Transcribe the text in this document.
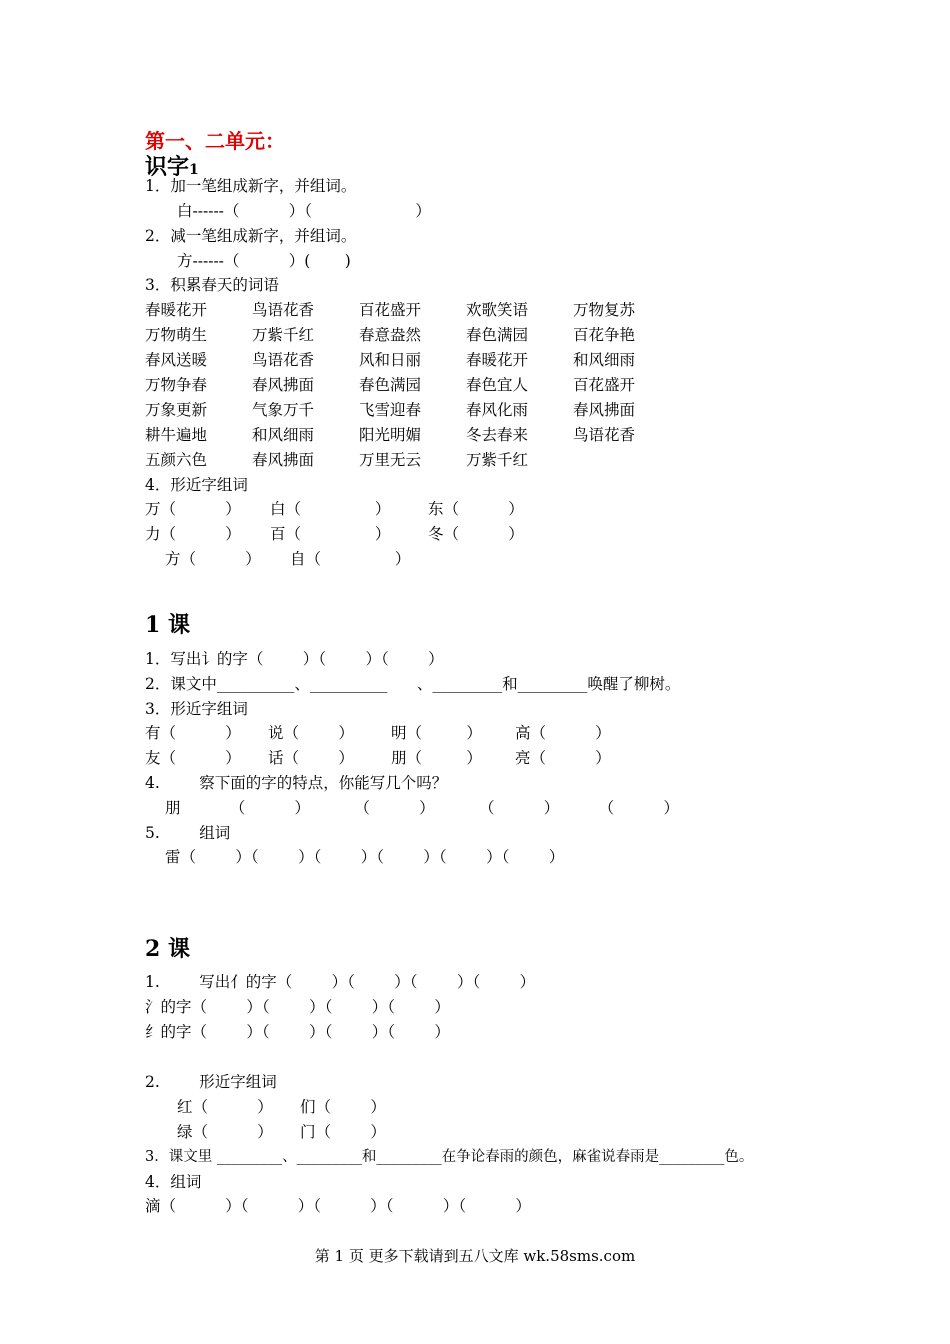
第一、二单元：
识字1
1．加一笔组成新字，并组词。
白------（          ）（                     ）
2．减一笔组成新字，并组词。
方------（          ）(       )
3．积累春天的词语
春暖花开	鸟语花香	百花盛开	欢歌笑语	万物复苏
万物萌生	万紫千红	春意盎然	春色满园	百花争艳
春风送暖	鸟语花香	风和日丽	春暖花开	和风细雨
万物争春	春风拂面	春色满园	春色宜人	百花盛开
万象更新	气象万千	飞雪迎春	春风化雨	春风拂面
耕牛遍地	和风细雨	阳光明媚	冬去春来	鸟语花香
五颜六色	春风拂面	万里无云	万紫千红
4．形近字组词
万（          ） 白（               ） 东（          ）
力（          ） 百（               ） 冬（          ）
方（          ） 自（               ）
1 课
1．写出讠的字（        ）（        ）（        ）
2．课文中__________、__________      、_________和_________唤醒了柳树。
3．形近字组词
有（          ） 说（        ） 明（         ） 高（          ）
友（          ） 话（        ） 朋（         ） 亮（          ）
4.        察下面的字的特点，你能写几个吗？
朋          （          ）         （          ）         （          ）        （          ）
5.        组词
雷（        ）（        ）（        ）（        ）（        ）（        ）
2 课
1.        写出亻的字（        ）（        ）（        ）（        ）
氵的字（        ）（        ）（        ）（        ）
纟的字（        ）（        ）（        ）（        ）
2.        形近字组词
红（          ） 们（        ）
绿（          ） 门（        ）
3．课文里 _________、_________和_________在争论春雨的颜色，麻雀说春雨是_________色。
4．组词
滴（          ）（          ）（          ）（          ）（          ）
第 1 页 更多下载请到五八文库 wk.58sms.com
